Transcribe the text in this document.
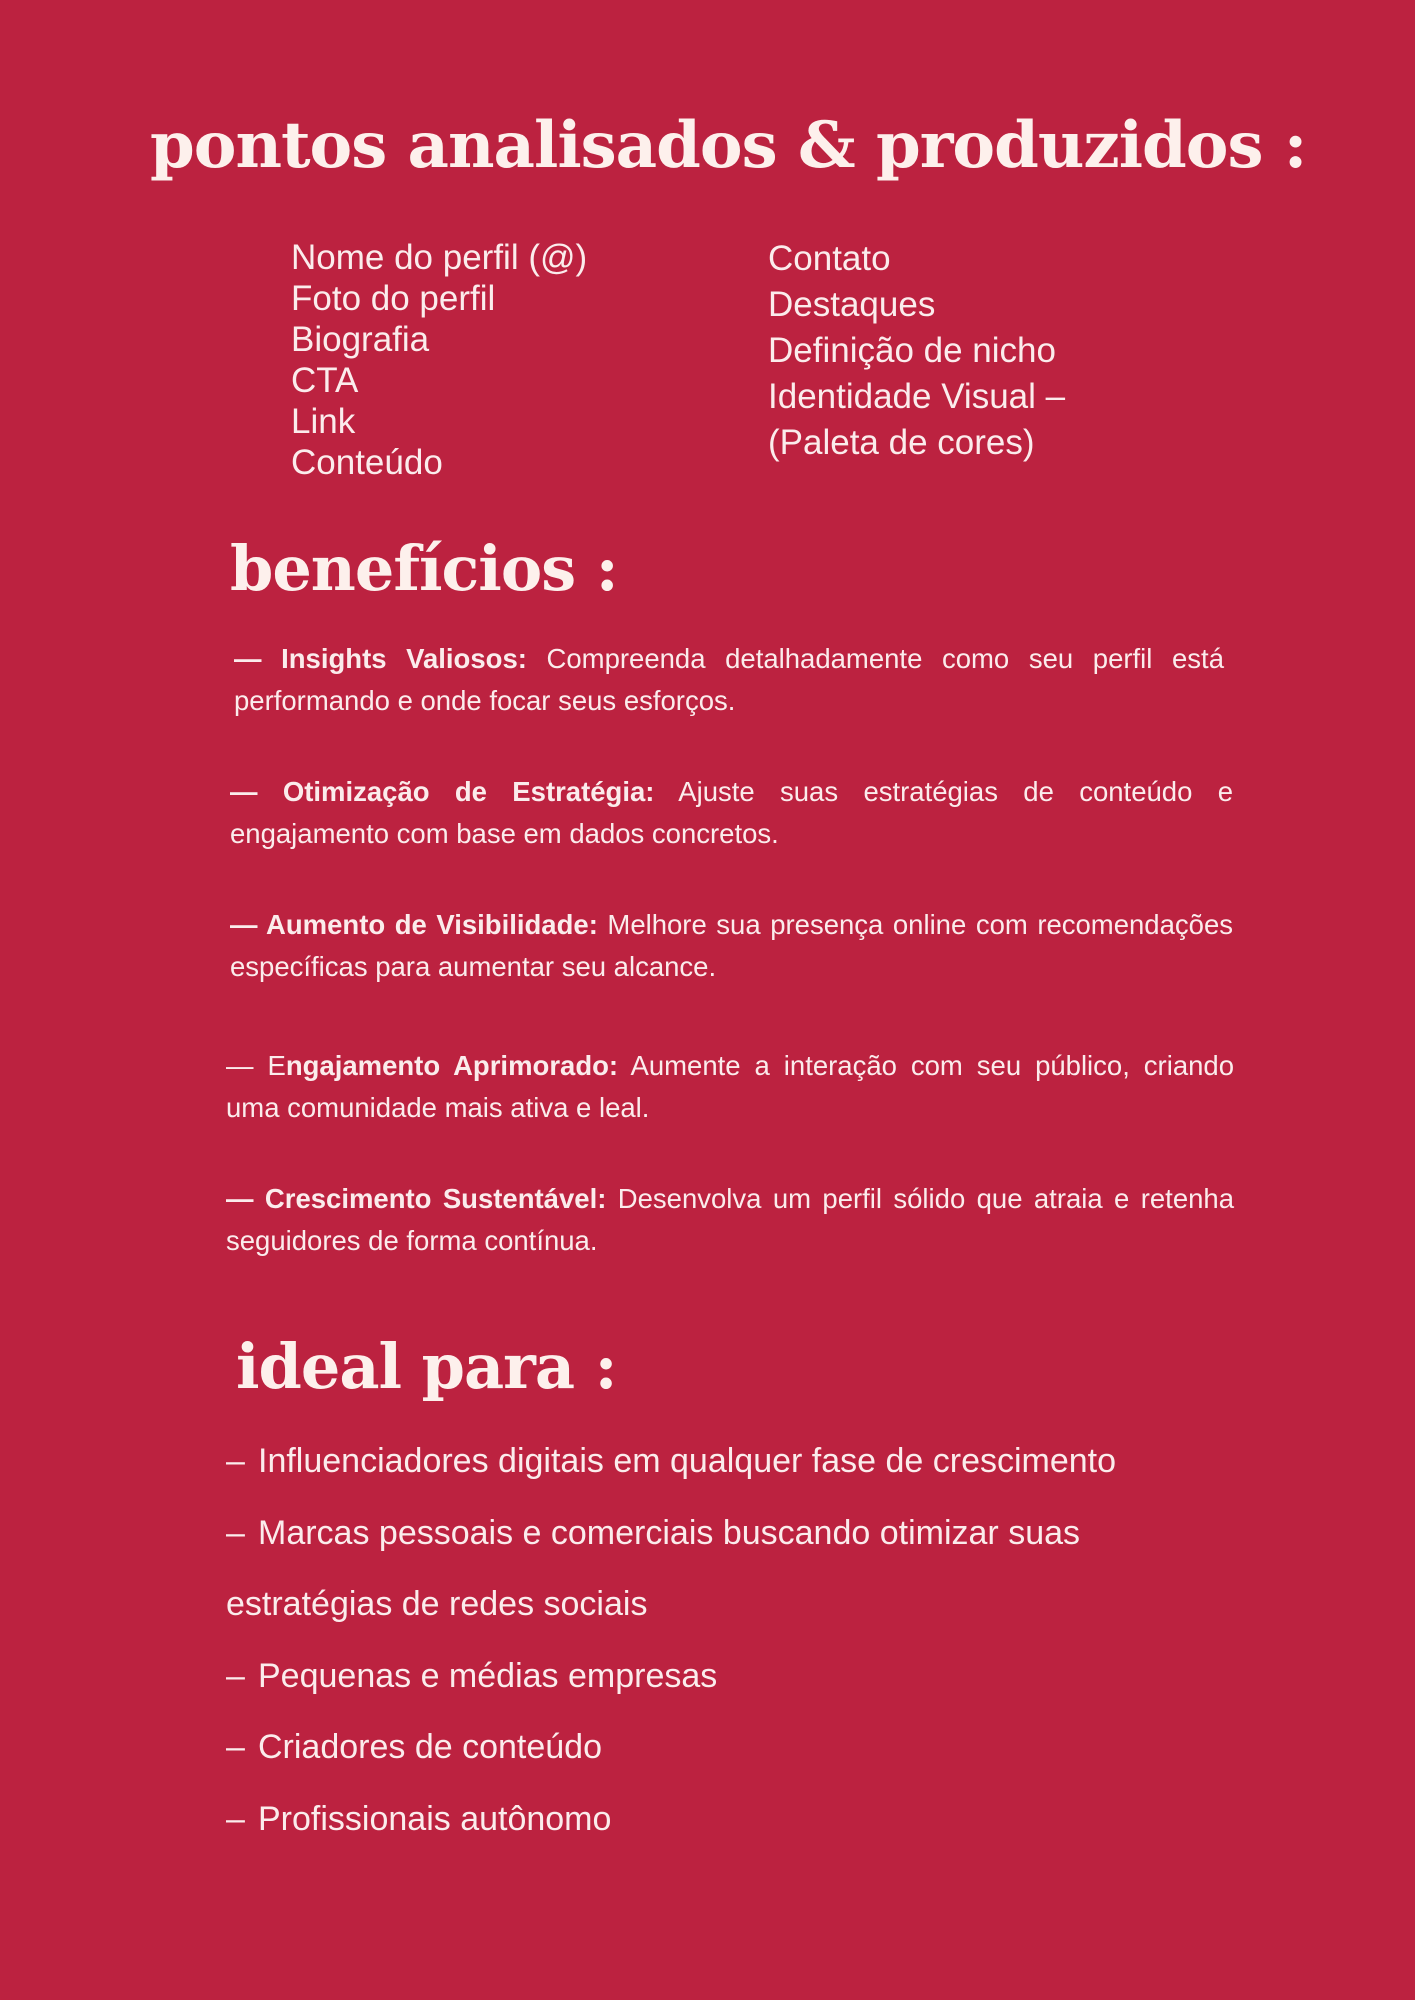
pontos analisados & produzidos :
Nome do perfil (@)
Foto do perfil
Biografia
CTA
Link
Conteúdo
Contato
Destaques
Definição de nicho
Identidade Visual –
(Paleta de cores)
benefícios :

— Insights Valiosos: Compreenda detalhadamente como seu perfil está performando e onde focar seus esforços.

— Otimização de Estratégia: Ajuste suas estratégias de conteúdo e engajamento com base em dados concretos.

— Aumento de Visibilidade: Melhore sua presença online com recomendações específicas para aumentar seu alcance.

— Engajamento Aprimorado: Aumente a interação com seu público, criando uma comunidade mais ativa e leal.

— Crescimento Sustentável: Desenvolva um perfil sólido que atraia e retenha seguidores de forma contínua.

ideal para :
– Influenciadores digitais em qualquer fase de crescimento
– Marcas pessoais e comerciais buscando otimizar suas
estratégias de redes sociais
– Pequenas e médias empresas
– Criadores de conteúdo
– Profissionais autônomo
